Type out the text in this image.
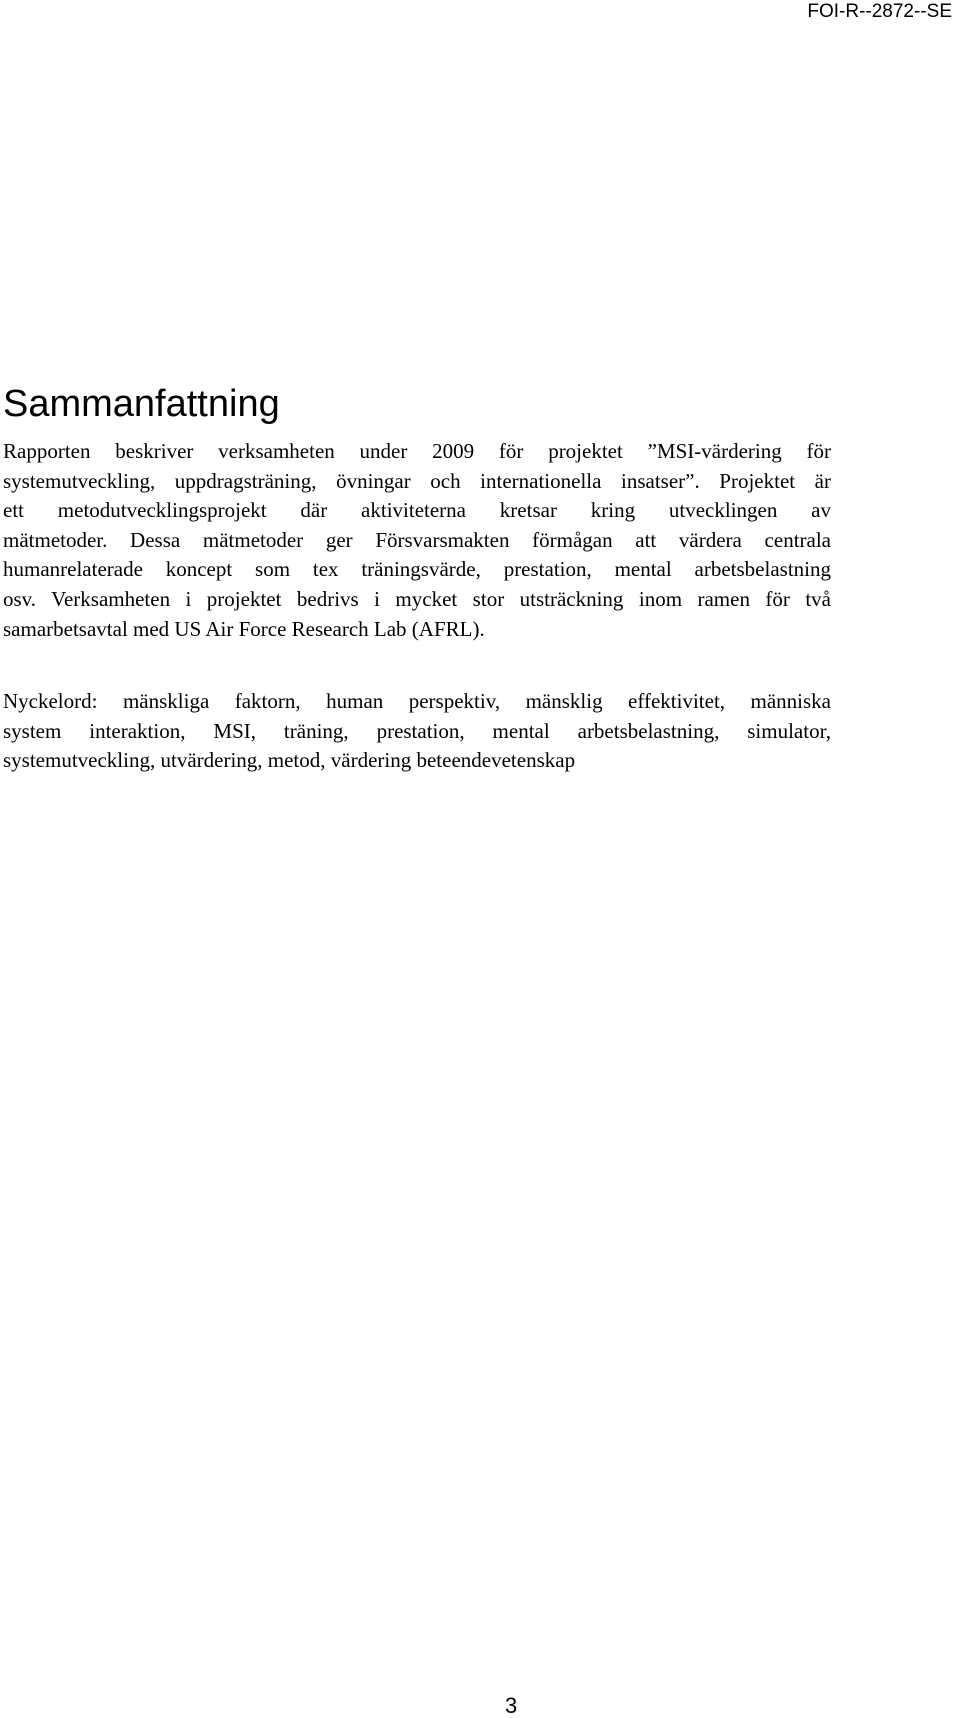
FOI-R--2872--SE
Sammanfattning
Rapporten beskriver verksamheten under 2009 för projektet ”MSI-värdering för
systemutveckling, uppdragsträning, övningar och internationella insatser”. Projektet är
ett metodutvecklingsprojekt där aktiviteterna kretsar kring utvecklingen av
mätmetoder. Dessa mätmetoder ger Försvarsmakten förmågan att värdera centrala
humanrelaterade koncept som tex träningsvärde, prestation, mental arbetsbelastning
osv. Verksamheten i projektet bedrivs i mycket stor utsträckning inom ramen för två
samarbetsavtal med US Air Force Research Lab (AFRL).
Nyckelord: mänskliga faktorn, human perspektiv, mänsklig effektivitet, människa
system interaktion, MSI, träning, prestation, mental arbetsbelastning, simulator,
systemutveckling, utvärdering, metod, värdering beteendevetenskap
3
